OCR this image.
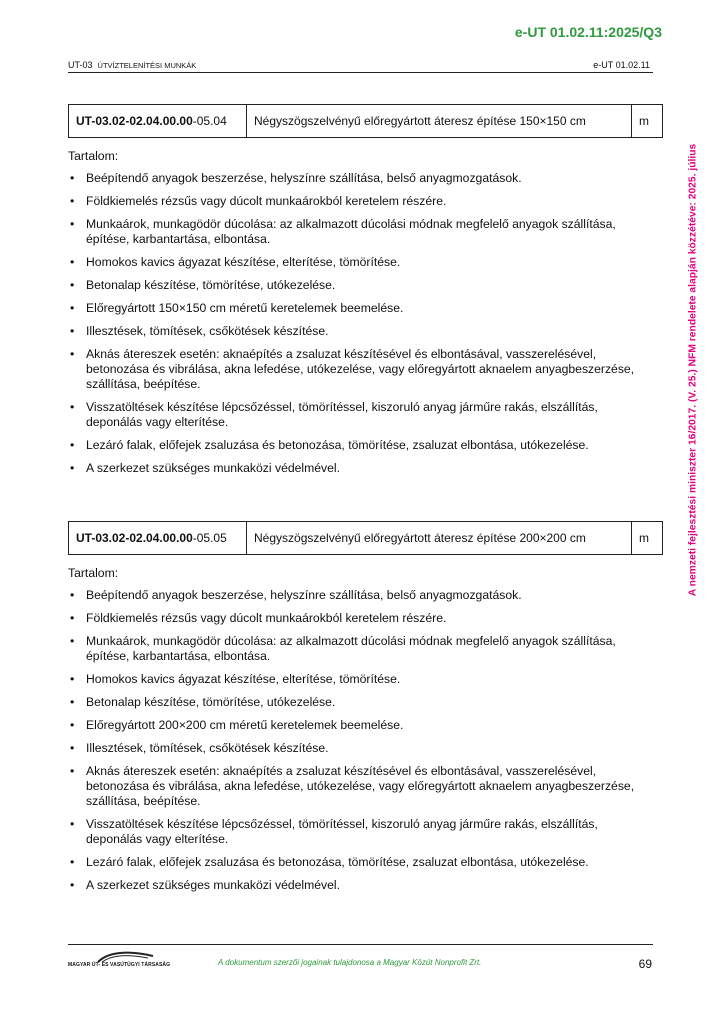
e-UT 01.02.11:2025/Q3
UT-03 ÚTVÍZTELENÍTÉSI MUNKÁK	e-UT 01.02.11
A nemzeti fejlesztési miniszter 16/2017. (V. 25.) NFM rendelete alapján közzétéve: 2025. július
UT-03.02-02.04.00.00-05.04	Négyszögszelvényű előregyártott áteresz építése 150×150 cm	m
Tartalom:
• Beépítendő anyagok beszerzése, helyszínre szállítása, belső anyagmozgatások.
• Földkiemelés rézsűs vagy dúcolt munkaárokból keretelem részére.
• Munkaárok, munkagödör dúcolása: az alkalmazott dúcolási módnak megfelelő anyagok szállítása, építése, karbantartása, elbontása.
• Homokos kavics ágyazat készítése, elterítése, tömörítése.
• Betonalap készítése, tömörítése, utókezelése.
• Előregyártott 150×150 cm méretű keretelemek beemelése.
• Illesztések, tömítések, csőkötések készítése.
• Aknás átereszek esetén: aknaépítés a zsaluzat készítésével és elbontásával, vasszerelésével, betonozása és vibrálása, akna lefedése, utókezelése, vagy előregyártott aknaelem anyagbeszerzése, szállítása, beépítése.
• Visszatöltések készítése lépcsőzéssel, tömörítéssel, kiszoruló anyag járműre rakás, elszállítás, deponálás vagy elterítése.
• Lezáró falak, előfejek zsaluzása és betonozása, tömörítése, zsaluzat elbontása, utókezelése.
• A szerkezet szükséges munkaközi védelmével.
UT-03.02-02.04.00.00-05.05	Négyszögszelvényű előregyártott áteresz építése 200×200 cm	m
Tartalom:
• Beépítendő anyagok beszerzése, helyszínre szállítása, belső anyagmozgatások.
• Földkiemelés rézsűs vagy dúcolt munkaárokból keretelem részére.
• Munkaárok, munkagödör dúcolása: az alkalmazott dúcolási módnak megfelelő anyagok szállítása, építése, karbantartása, elbontása.
• Homokos kavics ágyazat készítése, elterítése, tömörítése.
• Betonalap készítése, tömörítése, utókezelése.
• Előregyártott 200×200 cm méretű keretelemek beemelése.
• Illesztések, tömítések, csőkötések készítése.
• Aknás átereszek esetén: aknaépítés a zsaluzat készítésével és elbontásával, vasszerelésével, betonozása és vibrálása, akna lefedése, utókezelése, vagy előregyártott aknaelem anyagbeszerzése, szállítása, beépítése.
• Visszatöltések készítése lépcsőzéssel, tömörítéssel, kiszoruló anyag járműre rakás, elszállítás, deponálás vagy elterítése.
• Lezáró falak, előfejek zsaluzása és betonozása, tömörítése, zsaluzat elbontása, utókezelése.
• A szerkezet szükséges munkaközi védelmével.
MAGYAR ÚT- ÉS VASÚTÜGYI TÁRSASÁG	A dokumentum szerzői jogainak tulajdonosa a Magyar Közút Nonprofit Zrt.	69
